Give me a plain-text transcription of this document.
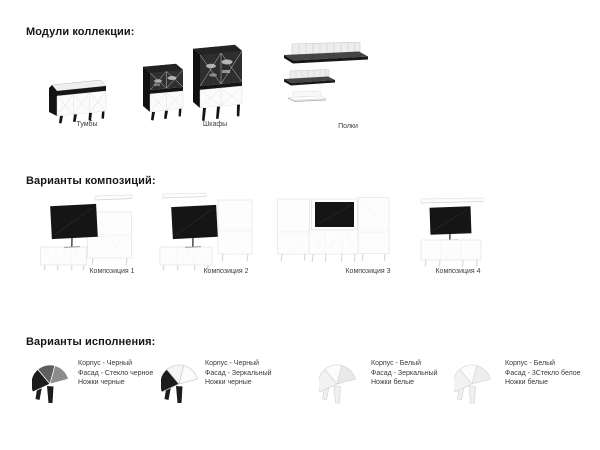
Модули коллекции:
Тумбы	Шкафы	Полки
Варианты композиций:
Композиция 1	Композиция 2	Композиция 3	Композиция 4
Варианты исполнения:
Корпус - Черный
Фасад - Стекло черное
Ножки черные
Корпус - Черный
Фасад - Зеркальный
Ножки черные
Корпус - Белый
Фасад - Зеркальный
Ножки белые
Корпус - Белый
Фасад - 3Стекло белое
Ножки белые
